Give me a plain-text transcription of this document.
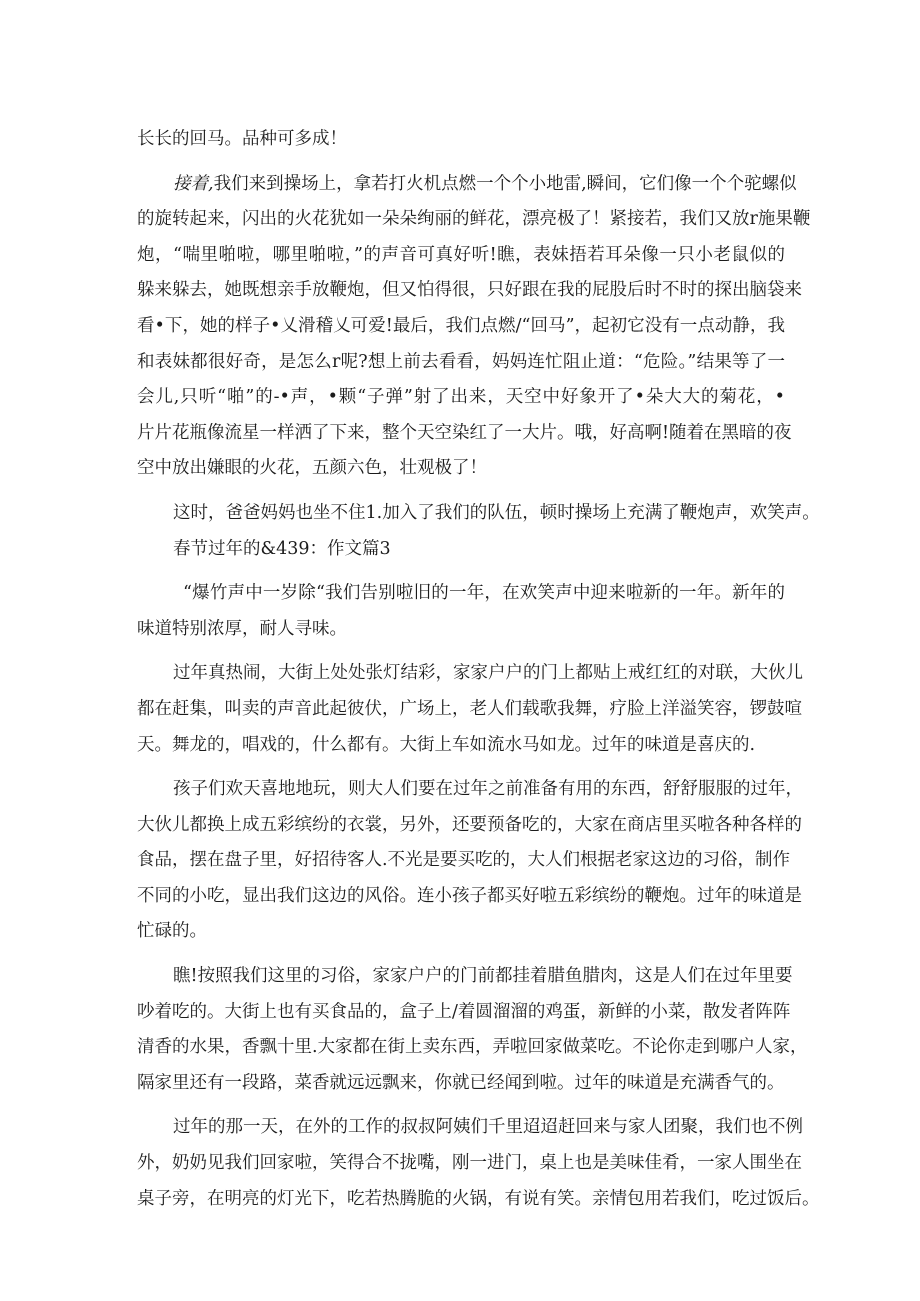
长长的回马。品种可多成！
接着,我们来到操场上，拿若打火机点燃一个个小地雷,瞬间，它们像一个个驼螺似
的旋转起来，闪出的火花犹如一朵朵绚丽的鲜花，漂亮极了！紧接若，我们又放r施果鞭
炮，“喘里啪啦，哪里啪啦，”的声音可真好听!瞧，表妹捂若耳朵像一只小老鼠似的
躲来躲去，她既想亲手放鞭炮，但又怕得很，只好跟在我的屁股后时不时的探出脑袋来
看•下，她的样子•乂滑稽乂可爱!最后，我们点燃/“回马”，起初它没有一点动静，我
和表妹都很好奇，是怎么r呢?想上前去看看，妈妈连忙阻止道：“危险。”结果等了一
会儿,只听“啪”的-•声，•颗“子弹”射了出来，天空中好象开了•朵大大的菊花，•
片片花瓶像流星一样洒了下来，整个天空染红了一大片。哦，好高啊!随着在黑暗的夜
空中放出嫌眼的火花，五颜六色，壮观极了！
这时，爸爸妈妈也坐不住1.加入了我们的队伍，顿时操场上充满了鞭炮声，欢笑声。
春节过年的&439：作文篇3
“爆竹声中一岁除“我们告别啦旧的一年，在欢笑声中迎来啦新的一年。新年的
味道特别浓厚，耐人寻味。
过年真热闹，大街上处处张灯结彩，家家户户的门上都贴上戒红红的对联，大伙儿
都在赶集，叫卖的声音此起彼伏，广场上，老人们载歌我舞，疗脸上洋溢笑容，锣鼓喧
天。舞龙的，唱戏的，什么都有。大街上车如流水马如龙。过年的味道是喜庆的.
孩子们欢天喜地地玩，则大人们要在过年之前准备有用的东西，舒舒服服的过年，
大伙儿都换上成五彩缤纷的衣裳，另外，还要预备吃的，大家在商店里买啦各种各样的
食品，摆在盘子里，好招待客人.不光是要买吃的，大人们根据老家这边的习俗，制作
不同的小吃，显出我们这边的风俗。连小孩子都买好啦五彩缤纷的鞭炮。过年的味道是
忙碌的。
瞧!按照我们这里的习俗，家家户户的门前都挂着腊鱼腊肉，这是人们在过年里要
吵着吃的。大街上也有买食品的，盒子上/着圆溜溜的鸡蛋，新鲜的小菜，散发者阵阵
清香的水果，香飘十里.大家都在街上卖东西，弄啦回家做菜吃。不论你走到哪户人家，
隔家里还有一段路，菜香就远远飘来，你就已经闻到啦。过年的味道是充满香气的。
过年的那一天，在外的工作的叔叔阿姨们千里迢迢赶回来与家人团聚，我们也不例
外，奶奶见我们回家啦，笑得合不拢嘴，刚一进门，桌上也是美味佳肴，一家人围坐在
桌子旁，在明亮的灯光下，吃若热腾脆的火锅，有说有笑。亲情包用若我们，吃过饭后。
